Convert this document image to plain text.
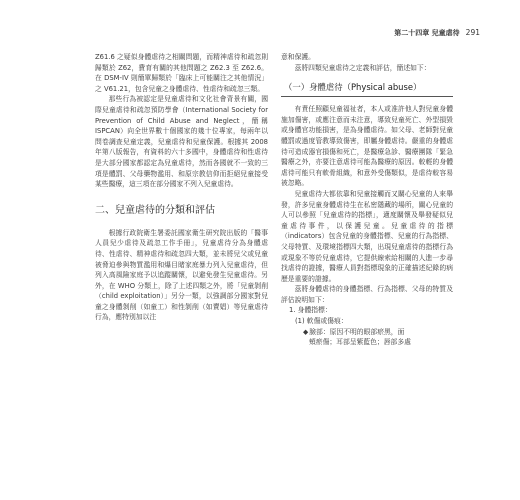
第二十四章 兒童虐待 291

Z61.6 之疑似身體虐待之相關問題，而精神虐待和疏忽則歸類於 Z62，費育有關的其他問題之 Z62.3 至 Z62.6。在 DSM-IV 則簡單歸類於「臨床上可能關注之其他情況」之 V61.21，包含兒童之身體虐待、性虐待和疏忽三類。

那些行為被認定是兒童虐待和文化社會背景有關，國際兒童虐待和疏忽預防學會（International Society for Prevention of Child Abuse and Neglect，簡稱 ISPCAN）向全世界數十個國家的幾十位專家，每兩年以問卷調查兒童定義，兒童虐待和兒童保護。根據其 2008年第八版報告，有資料的六十多國中，身體虐待和性虐待是大部分國家都認定為兒童虐待，然而各國就不一致的三項是體罰、父母藥物濫用、和原宗教信仰而拒絕兒童接受某些醫療，這三項在部分國家不列入兒童虐待。

二、兒童虐待的分類和評估

根據行政院衛生署委託國家衛生研究院出版的「醫事人員兒少虐待及疏忽工作手冊」，兒童虐待分為身體虐待、性虐待、精神虐待和疏忽四大類，並未將兒父或兒童被脅迫參與物質濫用和爆目睹家庭暴力列入兒童虐待，但列入高風險家庭予以追蹤關懷，以避免發生兒童虐待。另外，在 WHO 分類上，除了上述四類之外，將「兒童剝削（child exploitation）」另分一類，以強調部分國家對兒童之身體剝削（如童工）和性剝削（如賣娼）等兒童虐待行為，應特別加以注

意和保護。

茲將四類兒童虐待之定義和評估，簡述如下：

（一）身體虐待（Physical abuse）

有責任照顧兒童福祉者，本人或准許他人對兒童身體施加傷害，或應注意而未注意，導致兒童死亡、外型損毀或身體官功能損害，是為身體虐待。如父母、老師對兒童體罰或過度管教導致傷害，即屬身體虐待。嚴重的身體虐待可造成器官損傷和死亡，是醫療急診、醫療團隊「緊急醫療之外，亦要注意虐待可能為醫療的原因。較輕的身體虐待可能只有軟骨組織，和意外受傷類似，是虐待較容易被忽略。

兒童虐待大都依靠和兒童接觸而又關心兒童的人來舉發，許多兒童身體虐待生在私密隱藏的場所，關心兒童的人可以參照「兒童虐待的指標」，適度關懷及舉發疑似兒童虐待事件，以保護兒童。兒童虐待的指標（indicators）包含兒童的身體指標、兒童的行為指標、父母特質、及環境指標四大類，出現兒童虐待的指標行為或現象不等於兒童虐待，它提供線索給相關的人進一步尋找虐待的證據，醫療人員對指標現象的正確描述紀錄的病歷是重要的證據。

茲將身體虐待的身體指標、行為指標、父母的特質及評估說明如下：

1. 身體指標：

(1) 軟傷或傷痕：

◆臉部：原因不明的眼部瘀黑，面

頰瘀傷；耳部呈紫藍色；唇部多處
